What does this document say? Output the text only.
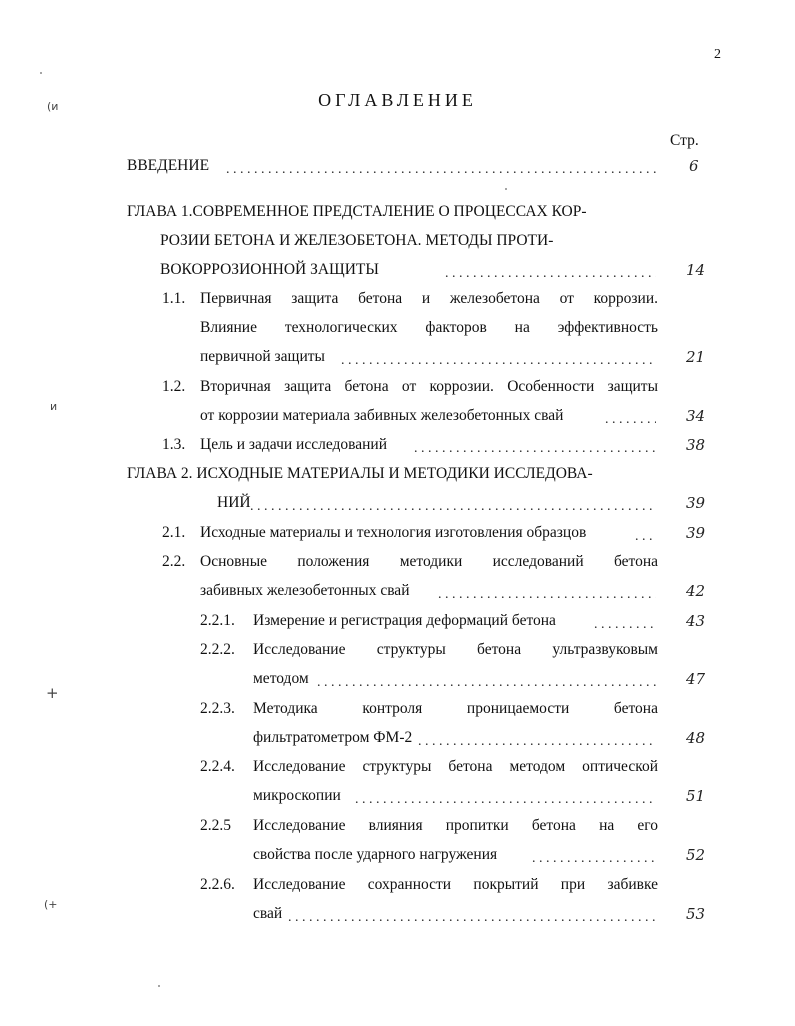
2
ОГЛАВЛЕНИЕ
Стр.
(и
и
+
(+
ВВЕДЕНИЕ . . .	6
ГЛАВА 1.СОВРЕМЕННОЕ ПРЕДСТАЛЕНИЕ О ПРОЦЕССАХ КОР-
РОЗИИ БЕТОНА И ЖЕЛЕЗОБЕТОНА. МЕТОДЫ ПРОТИ-
ВОКОРРОЗИОННОЙ ЗАЩИТЫ . . .	14
1.1. Первичная защита бетона и железобетона от коррозии.
Влияние технологических факторов на эффективность
первичной защиты . . .	21
1.2. Вторичная защита бетона от коррозии. Особенности защиты
от коррозии материала забивных железобетонных свай . . .	34
1.3. Цель и задачи исследований . . .	38
ГЛАВА 2. ИСХОДНЫЕ МАТЕРИАЛЫ И МЕТОДИКИ ИССЛЕДОВА-
НИЙ . . .	39
2.1. Исходные материалы и технология изготовления образцов . . .	39
2.2. Основные положения методики исследований бетона
забивных железобетонных свай . . .	42
2.2.1. Измерение и регистрация деформаций бетона . . .	43
2.2.2. Исследование структуры бетона ультразвуковым
методом . . .	47
2.2.3. Методика контроля проницаемости бетона
фильтратометром ФМ-2 . . .	48
2.2.4. Исследование структуры бетона методом оптической
микроскопии . . .	51
2.2.5 Исследование влияния пропитки бетона на его
свойства после ударного нагружения . . .	52
2.2.6. Исследование сохранности покрытий при забивке
свай . . .	53
